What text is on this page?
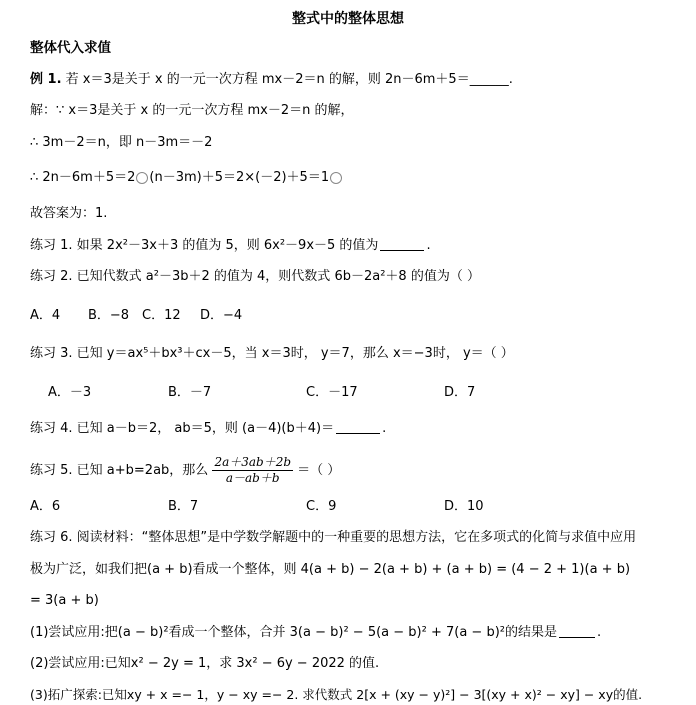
整式中的整体思想
整体代入求值
例 1. 若 x＝3是关于 x 的一元一次方程 mx－2＝n 的解，则 2n－6m＋5＝______.
解：∵ x＝3是关于 x 的一元一次方程 mx－2＝n 的解，
∴ 3m－2＝n，即 n－3m＝－2
∴ 2n－6m＋5＝2 (n－3m)＋5＝2×(－2)＋5＝1
故答案为：1.
练习 1. 如果 2x²－3x＋3 的值为 5，则 6x²－9x－5 的值为	.
练习 2. 已知代数式 a²－3b＋2 的值为 4，则代数式 6b－2a²＋8 的值为（ ）
A．4 B．−8 C．12 D．−4
练习 3. 已知 y＝ax⁵＋bx³＋cx－5，当 x＝3时， y＝7，那么 x＝−3时， y＝（ ）
A．－3	B．－7	C．－17	D．7
练习 4. 已知 a－b＝2， ab＝5，则 (a－4)(b＋4)＝	.
练习 5. 已知 a+b=2ab，那么 $\frac{2a+3ab+2b}{a-ab+b}$ ＝（ ）
A．6	B．7	C．9	D．10
练习 6. 阅读材料：“整体思想”是中学数学解题中的一种重要的思想方法，它在多项式的化简与求值中应用
极为广泛，如我们把(a + b)看成一个整体，则 4(a + b) − 2(a + b) + (a + b) = (4 − 2 + 1)(a + b)
= 3(a + b)
(1)尝试应用:把(a − b)²看成一个整体，合并 3(a − b)² − 5(a − b)² + 7(a − b)²的结果是	.
(2)尝试应用:已知x² − 2y = 1，求 3x² − 6y − 2022 的值.
(3)拓广探索:已知xy + x =− 1，y − xy =− 2. 求代数式 2[x + (xy − y)²] − 3[(xy + x)² − xy] − xy的值.
